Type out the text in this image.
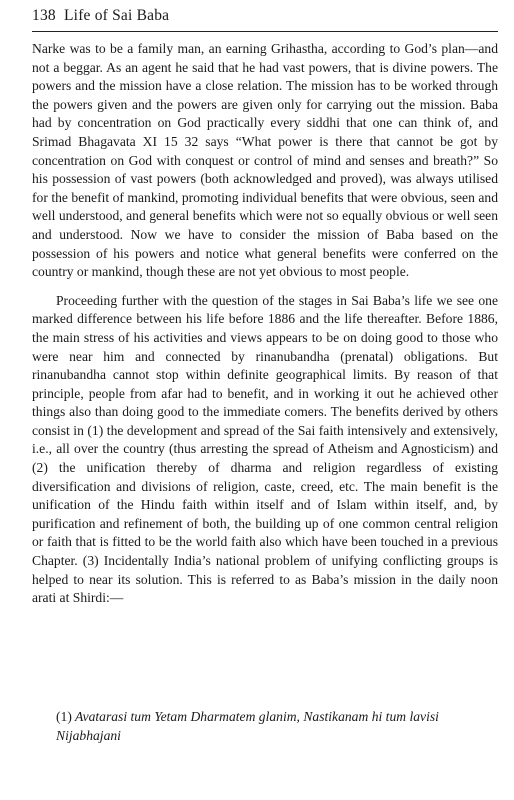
138 Life of Sai Baba

Narke was to be a family man, an earning Grihastha, according to God’s plan—and not a beggar. As an agent he said that he had vast powers, that is divine powers. The powers and the mission have a close relation. The mission has to be worked through the powers given and the powers are given only for carrying out the mission. Baba had by concentration on God practically every siddhi that one can think of, and Srimad Bhagavata XI 15 32 says “What power is there that cannot be got by concentration on God with conquest or control of mind and senses and breath?” So his possession of vast powers (both acknowledged and proved), was always utilised for the benefit of mankind, promoting individual benefits that were obvious, seen and well understood, and general benefits which were not so equally obvious or well seen and understood. Now we have to consider the mission of Baba based on the possession of his powers and notice what general benefits were conferred on the country or mankind, though these are not yet obvious to most people.

Proceeding further with the question of the stages in Sai Baba’s life we see one marked difference between his life before 1886 and the life thereafter. Before 1886, the main stress of his activities and views appears to be on doing good to those who were near him and connected by rinanubandha (prenatal) obligations. But rinanubandha cannot stop within definite geographical limits. By reason of that principle, people from afar had to benefit, and in working it out he achieved other things also than doing good to the immediate comers. The benefits derived by others consist in (1) the development and spread of the Sai faith intensively and extensively, i.e., all over the country (thus arresting the spread of Atheism and Agnosticism) and (2) the unification thereby of dharma and religion regardless of existing diversification and divisions of religion, caste, creed, etc. The main benefit is the unification of the Hindu faith within itself and of Islam within itself, and, by purification and refinement of both, the building up of one common central religion or faith that is fitted to be the world faith also which have been touched in a previous Chapter. (3) Incidentally India’s national problem of unifying conflicting groups is helped to near its solution. This is referred to as Baba’s mission in the daily noon arati at Shirdi:—

(1) Avatarasi tum Yetam Dharmatem glanim, Nastikanam hi tum lavisi Nijabhajani
